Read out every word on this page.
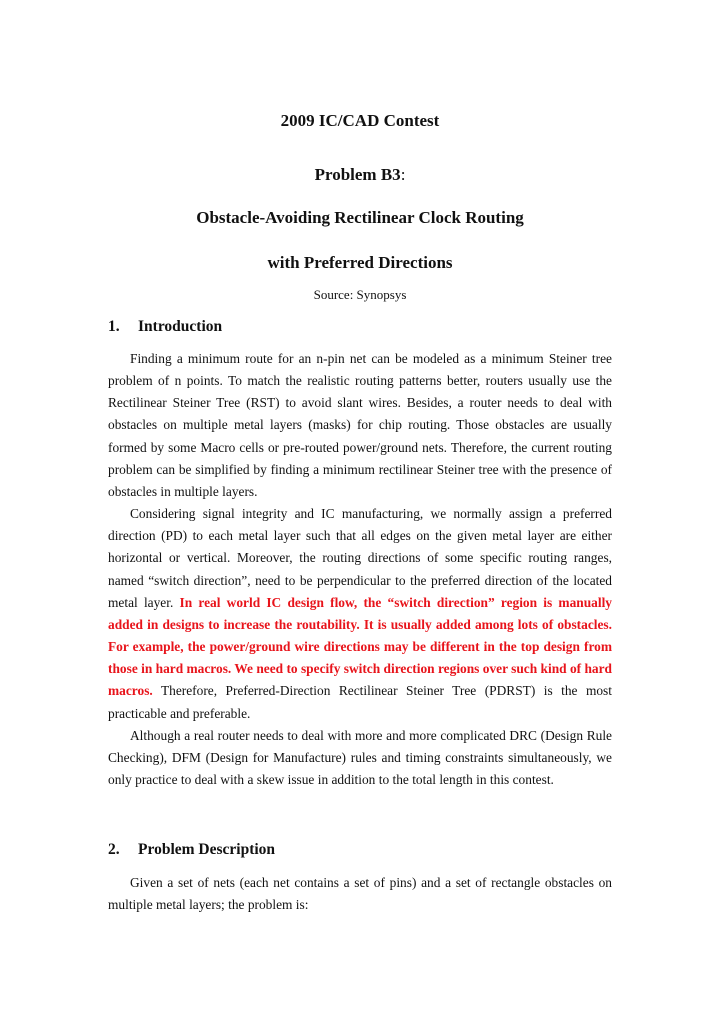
2009 IC/CAD Contest
Problem B3:
Obstacle-Avoiding Rectilinear Clock Routing
with Preferred Directions
Source: Synopsys
1. Introduction

Finding a minimum route for an n-pin net can be modeled as a minimum Steiner tree problem of n points. To match the realistic routing patterns better, routers usually use the Rectilinear Steiner Tree (RST) to avoid slant wires. Besides, a router needs to deal with obstacles on multiple metal layers (masks) for chip routing. Those obstacles are usually formed by some Macro cells or pre-routed power/ground nets. Therefore, the current routing problem can be simplified by finding a minimum rectilinear Steiner tree with the presence of obstacles in multiple layers.

Considering signal integrity and IC manufacturing, we normally assign a preferred direction (PD) to each metal layer such that all edges on the given metal layer are either horizontal or vertical. Moreover, the routing directions of some specific routing ranges, named “switch direction”, need to be perpendicular to the preferred direction of the located metal layer. In real world IC design flow, the “switch direction” region is manually added in designs to increase the routability. It is usually added among lots of obstacles. For example, the power/ground wire directions may be different in the top design from those in hard macros. We need to specify switch direction regions over such kind of hard macros. Therefore, Preferred-Direction Rectilinear Steiner Tree (PDRST) is the most practicable and preferable.

Although a real router needs to deal with more and more complicated DRC (Design Rule Checking), DFM (Design for Manufacture) rules and timing constraints simultaneously, we only practice to deal with a skew issue in addition to the total length in this contest.

2. Problem Description

Given a set of nets (each net contains a set of pins) and a set of rectangle obstacles on multiple metal layers; the problem is:
